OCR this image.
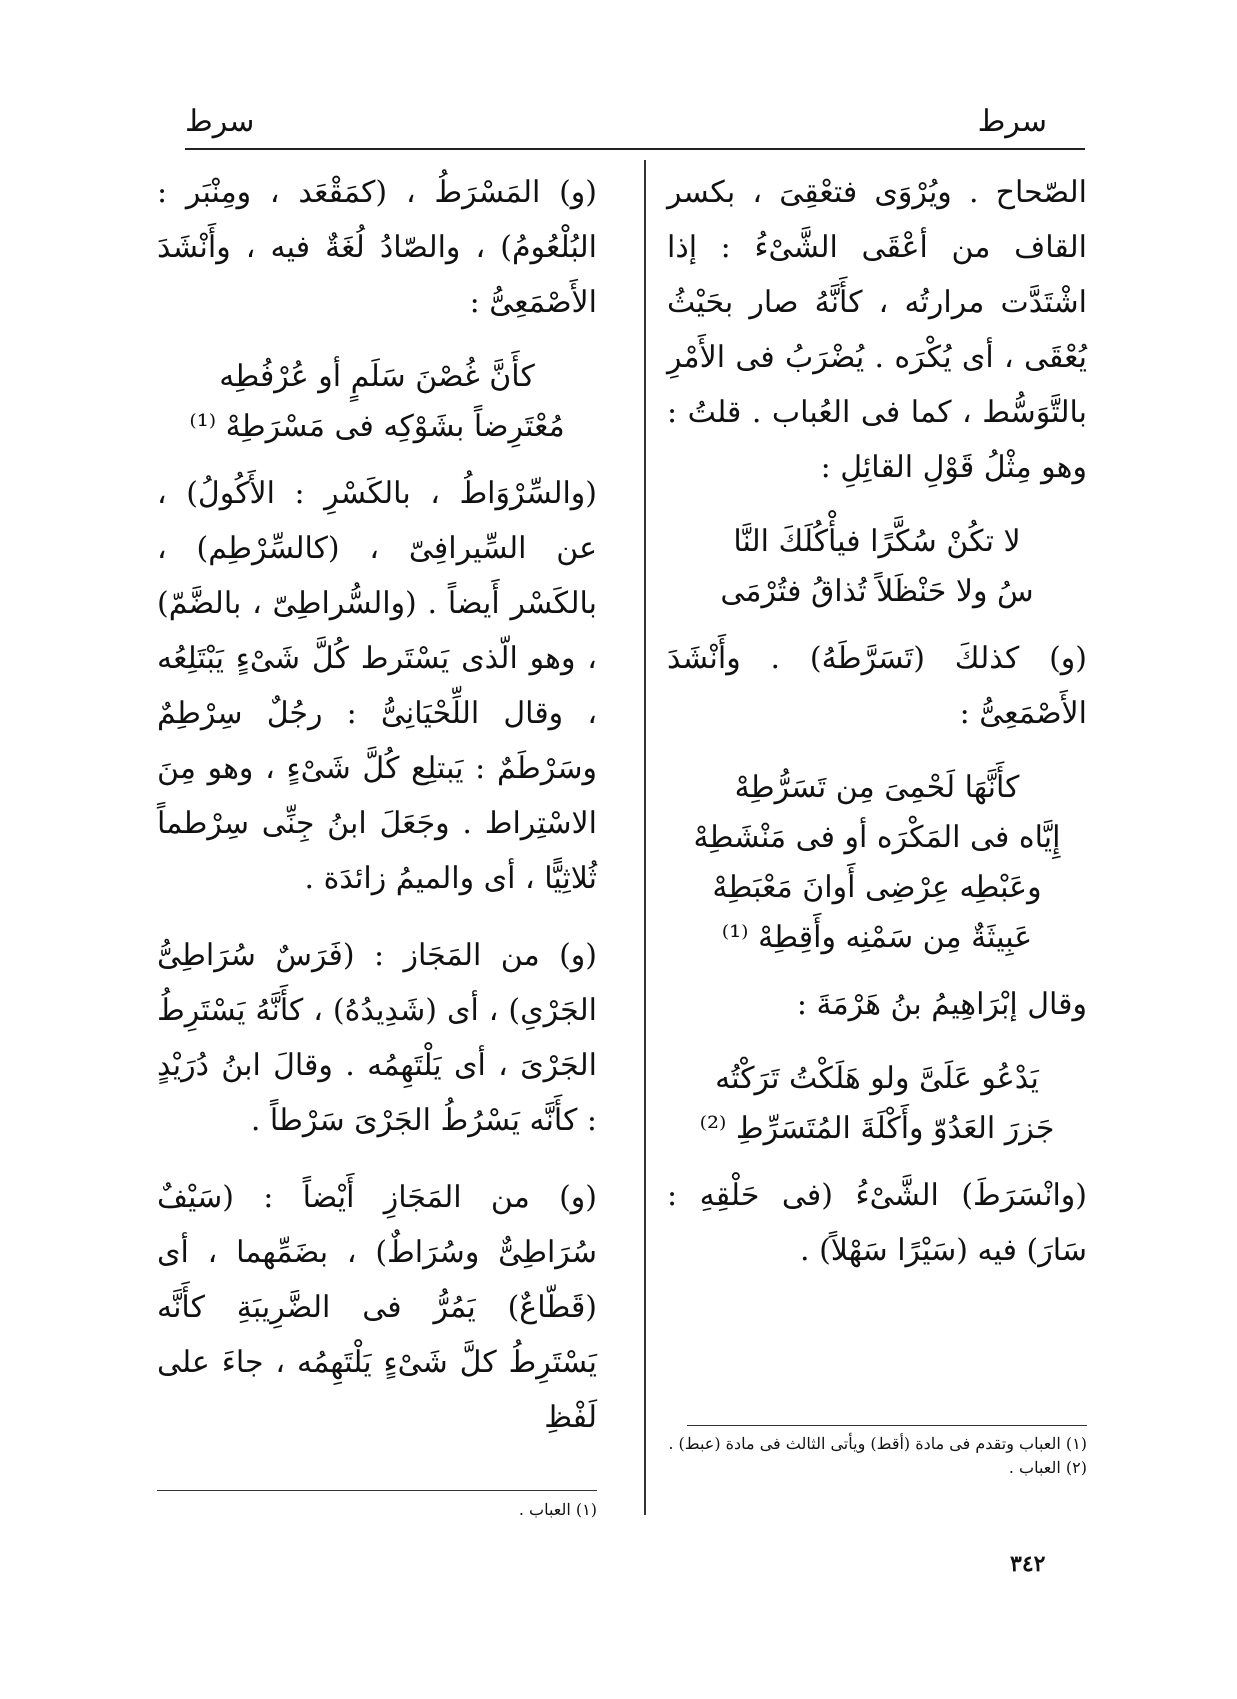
سرط
سرط

الصّحاح . ويُرْوَى فتعْقِىَ ، بكسر القاف من أعْقَى الشَّىْءُ : إذا اشْتَدَّت مرارتُه ، كأَنَّهُ صار بحَيْثُ يُعْقَى ، أى يُكْرَه . يُضْرَبُ فى الأَمْرِ بالتَّوَسُّط ، كما فى العُباب . قلتُ : وهو مِثْلُ قَوْلِ القائِلِ :

لا تكُنْ سُكَّرًا فيأْكُلَكَ النَّا
سُ ولا حَنْظَلاً تُذاقُ فتُرْمَى

(و) كذلكَ (تَسَرَّطَهُ) . وأَنْشَدَ الأَصْمَعِىُّ :

كأَنَّهَا لَحْمِىَ مِن تَسَرُّطِهْ
إِيَّاه فى المَكْرَه أو فى مَنْشَطِهْ
وعَبْطِه عِرْضِى أَوانَ مَعْبَطِهْ
عَبِيثَةٌ مِن سَمْنِه وأَقِطِهْ ⁽¹⁾

وقال إبْرَاهِيمُ بنُ هَرْمَةَ :

يَدْعُو عَلَىَّ ولو هَلَكْتُ تَرَكْتُه
جَزرَ العَدُوّ وأَكْلَةَ المُتَسَرِّطِ ⁽²⁾

(وانْسَرَطَ) الشَّىْءُ (فى حَلْقِهِ : سَارَ) فيه (سَيْرًا سَهْلاً) .

(و) المَسْرَطُ ، (كمَقْعَد ، ومِنْبَر : البُلْعُومُ) ، والصّادُ لُغَةٌ فيه ، وأَنْشَدَ الأَصْمَعِىُّ :

كأَنَّ غُصْنَ سَلَمٍ أو عُرْفُطِه
مُعْتَرِضاً بشَوْكِه فى مَسْرَطِهْ ⁽¹⁾

(والسِّرْوَاطُ ، بالكَسْرِ : الأَكُولُ) ، عن السِّيرافِىّ ، (كالسِّرْطِم) ، بالكَسْر أَيضاً . (والسُّراطِىّ ، بالضَّمّ) ، وهو الّذى يَسْتَرط كُلَّ شَىْءٍ يَبْتَلِعُه ، وقال اللِّحْيَانِىُّ : رجُلٌ سِرْطِمٌ وسَرْطَمٌ : يَبتلِع كُلَّ شَىْءٍ ، وهو مِنَ الاسْتِراط . وجَعَلَ ابنُ جِنِّى سِرْطماً ثُلاثِيًّا ، أى والميمُ زائدَة .

(و) من المَجَاز : (فَرَسٌ سُرَاطِىُّ الجَرْىِ) ، أى (شَدِيدُهُ) ، كأَنَّهُ يَسْتَرِطُ الجَرْىَ ، أى يَلْتَهِمُه . وقالَ ابنُ دُرَيْدٍ : كأَنَّه يَسْرُطُ الجَرْىَ سَرْطاً .

(و) من المَجَازِ أَيْضاً : (سَيْفٌ سُرَاطِىٌّ وسُرَاطٌ) ، بضَمِّهما ، أى (قَطّاعٌ) يَمُرُّ فى الضَّرِيبَةِ كأَنَّه يَسْتَرِطُ كلَّ شَىْءٍ يَلْتَهِمُه ، جاءَ على لَفْظِ

(١) العباب وتقدم فى مادة (أقط) ويأتى الثالث فى مادة (عبط) .
(٢) العباب .
(١) العباب .
٣٤٢
